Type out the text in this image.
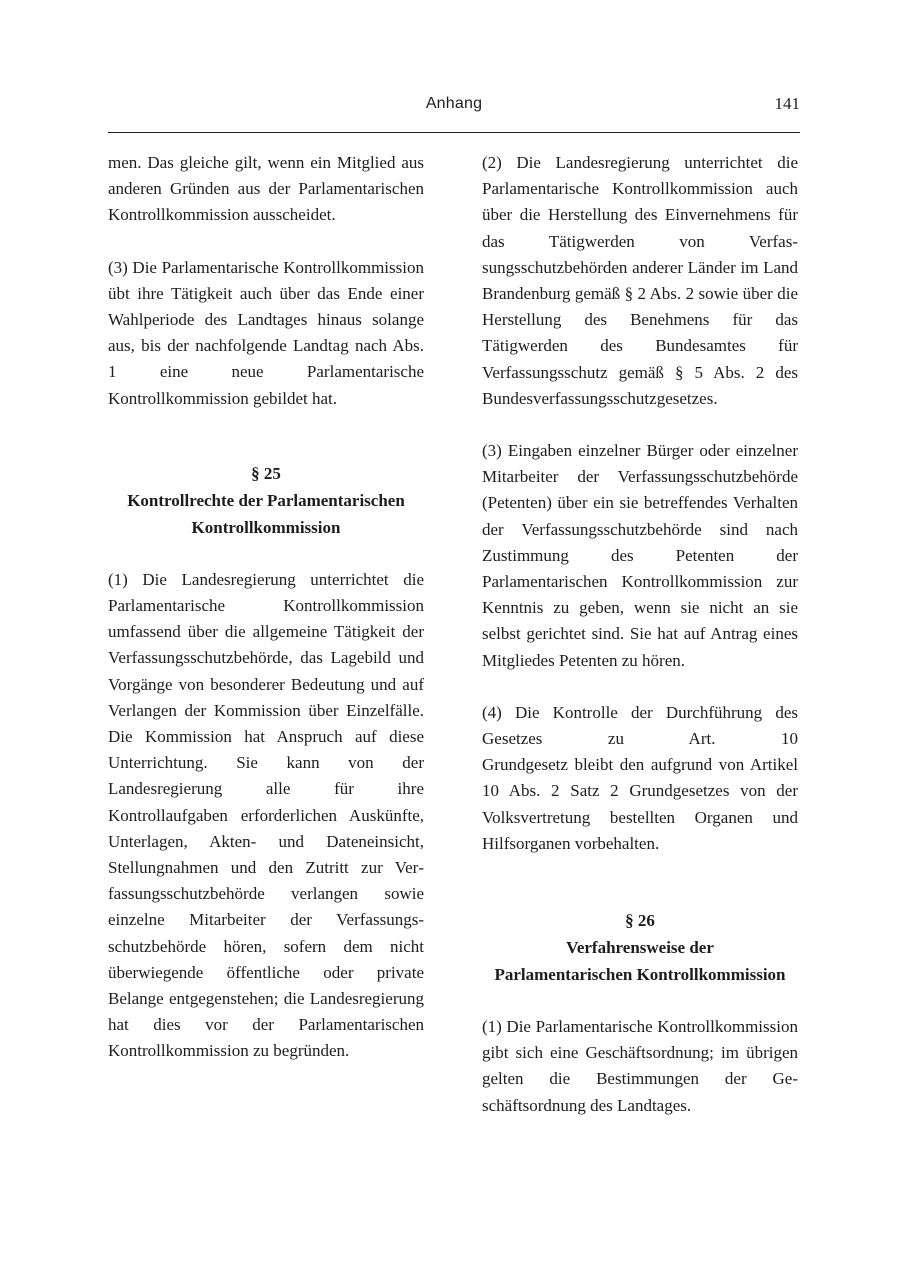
Anhang	141

men. Das gleiche gilt, wenn ein Mitglied aus anderen Gründen aus der Parlamentarischen Kontrollkommission ausscheidet.

(3) Die Parlamentarische Kontrollkommission übt ihre Tätigkeit auch über das Ende einer Wahlperiode des Landtages hinaus solange aus, bis der nachfolgende Landtag nach Abs. 1 eine neue Parlamentarische Kontrollkommission gebildet hat.

§ 25
Kontrollrechte der Parlamentarischen
Kontrollkommission

(1) Die Landesregierung unterrichtet die Parlamentarische Kontrollkommission umfassend über die allgemeine Tätigkeit der Verfassungsschutzbehörde, das Lagebild und Vorgänge von besonderer Bedeutung und auf Verlangen der Kommission über Einzelfälle. Die Kommission hat Anspruch auf diese Unterrichtung. Sie kann von der Landesregierung alle für ihre Kontrollaufgaben erforderlichen Auskünfte, Unterlagen, Akten- und Dateneinsicht, Stellungnahmen und den Zutritt zur Verfassungsschutzbehörde verlangen sowie einzelne Mitarbeiter der Verfassungsschutzbehörde hören, sofern dem nicht überwiegende öffentliche oder private Belange entgegenstehen; die Landesregierung hat dies vor der Parlamentarischen Kontrollkommission zu begründen.

(2) Die Landesregierung unterrichtet die Parlamentarische Kontrollkommission auch über die Herstellung des Einvernehmens für das Tätigwerden von Verfassungsschutzbehörden anderer Länder im Land Brandenburg gemäß § 2 Abs. 2 sowie über die Herstellung des Benehmens für das Tätigwerden des Bundesamtes für Verfassungsschutz gemäß § 5 Abs. 2 des Bundesverfassungsschutzgesetzes.

(3) Eingaben einzelner Bürger oder einzelner Mitarbeiter der Verfassungsschutzbehörde (Petenten) über ein sie betreffendes Verhalten der Verfassungsschutzbehörde sind nach Zustimmung des Petenten der Parlamentarischen Kontrollkommission zur Kenntnis zu geben, wenn sie nicht an sie selbst gerichtet sind. Sie hat auf Antrag eines Mitgliedes Petenten zu hören.

(4) Die Kontrolle der Durchführung des Gesetzes zu Art. 10
Grundgesetz bleibt den aufgrund von Artikel 10 Abs. 2 Satz 2 Grundgesetzes von der Volksvertretung bestellten Organen und Hilfsorganen vorbehalten.

§ 26
Verfahrensweise der
Parlamentarischen Kontrollkommission

(1) Die Parlamentarische Kontrollkommission gibt sich eine Geschäftsordnung; im übrigen gelten die Bestimmungen der Geschäftsordnung des Landtages.
